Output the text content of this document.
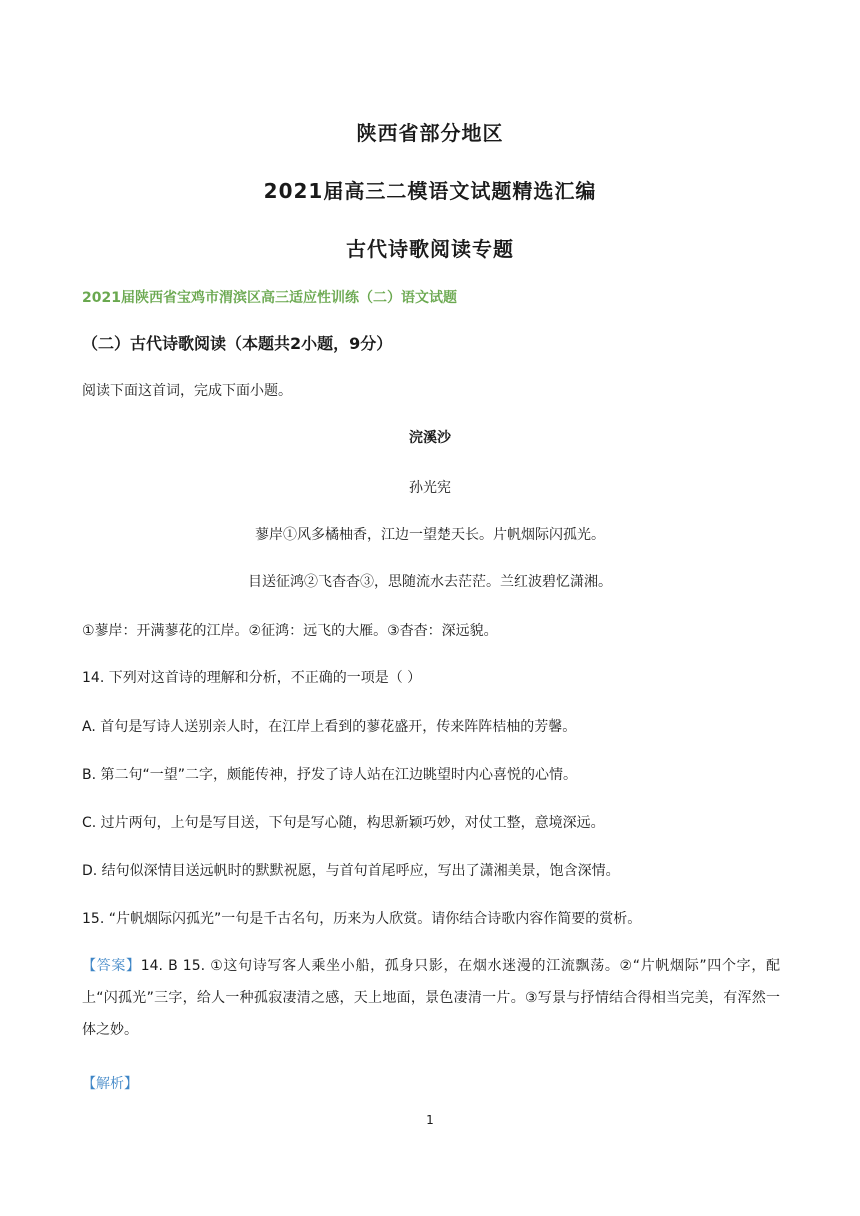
陕西省部分地区
2021届高三二模语文试题精选汇编
古代诗歌阅读专题
2021届陕西省宝鸡市渭滨区高三适应性训练（二）语文试题
（二）古代诗歌阅读（本题共2小题，9分）
阅读下面这首词，完成下面小题。
浣溪沙
孙光宪
蓼岸①风多橘柚香，江边一望楚天长。片帆烟际闪孤光。
目送征鸿②飞杳杳③，思随流水去茫茫。兰红波碧忆潇湘。
①蓼岸：开满蓼花的江岸。②征鸿：远飞的大雁。③杳杳：深远貌。
14. 下列对这首诗的理解和分析，不正确的一项是（ ）
A. 首句是写诗人送别亲人时，在江岸上看到的蓼花盛开，传来阵阵桔柚的芳馨。
B. 第二句“一望”二字，颇能传神，抒发了诗人站在江边眺望时内心喜悦的心情。
C. 过片两句，上句是写目送，下句是写心随，构思新颖巧妙，对仗工整，意境深远。
D. 结句似深情目送远帆时的默默祝愿，与首句首尾呼应，写出了潇湘美景，饱含深情。
15. “片帆烟际闪孤光”一句是千古名句，历来为人欣赏。请你结合诗歌内容作简要的赏析。
【答案】14. B 15. ①这句诗写客人乘坐小船，孤身只影，在烟水迷漫的江流飘荡。②“片帆烟际”四个字，配上“闪孤光”三字，给人一种孤寂凄清之感，天上地面，景色凄清一片。③写景与抒情结合得相当完美，有浑然一体之妙。
【解析】
1
